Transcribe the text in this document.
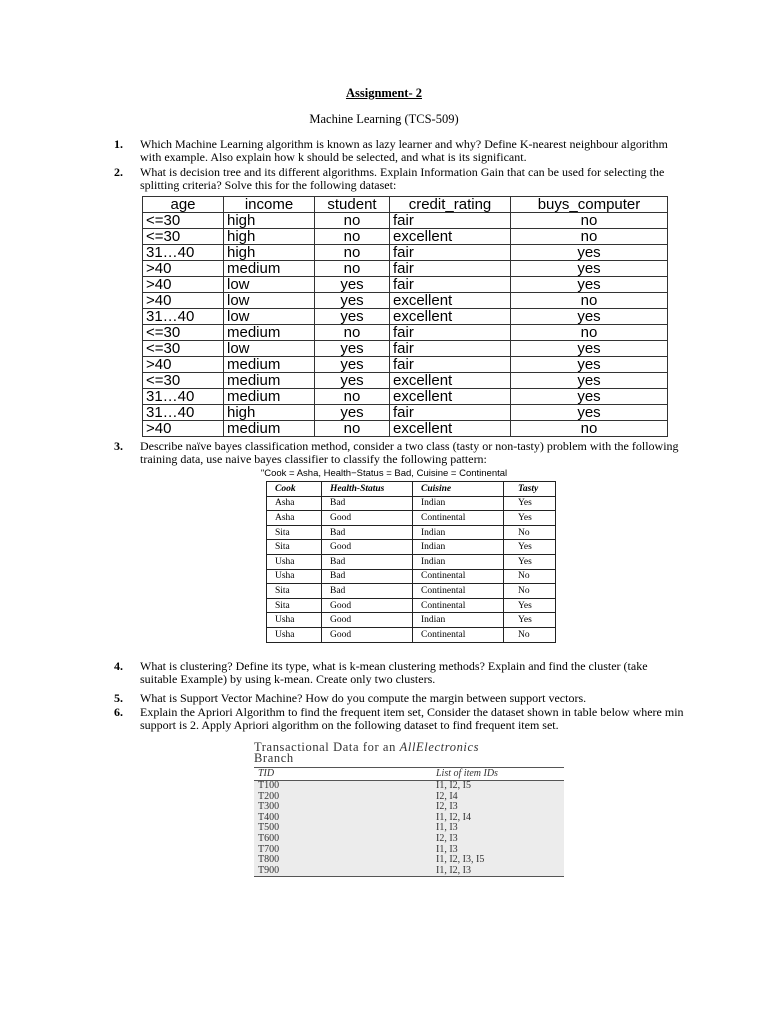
Assignment- 2
Machine Learning (TCS-509)
1.	Which Machine Learning algorithm is known as lazy learner and why? Define K-nearest neighbour algorithm with example. Also explain how k should be selected, and what is its significant.
2.	What is decision tree and its different algorithms. Explain Information Gain that can be used for selecting the splitting criteria? Solve this for the following dataset:
age	income	student	credit_rating	buys_computer
<=30	high	no	fair	no
<=30	high	no	excellent	no
31…40	high	no	fair	yes
>40	medium	no	fair	yes
>40	low	yes	fair	yes
>40	low	yes	excellent	no
31…40	low	yes	excellent	yes
<=30	medium	no	fair	no
<=30	low	yes	fair	yes
>40	medium	yes	fair	yes
<=30	medium	yes	excellent	yes
31…40	medium	no	excellent	yes
31…40	high	yes	fair	yes
>40	medium	no	excellent	no
3.	Describe naïve bayes classification method, consider a two class (tasty or non-tasty) problem with the following training data, use naive bayes classifier to classify the following pattern:
"Cook = Asha, Health−Status = Bad, Cuisine = Continental
Cook	Health-Status	Cuisine	Tasty
Asha	Bad	Indian	Yes
Asha	Good	Continental	Yes
Sita	Bad	Indian	No
Sita	Good	Indian	Yes
Usha	Bad	Indian	Yes
Usha	Bad	Continental	No
Sita	Bad	Continental	No
Sita	Good	Continental	Yes
Usha	Good	Indian	Yes
Usha	Good	Continental	No
4.	What is clustering? Define its type, what is k-mean clustering methods? Explain and find the cluster (take suitable Example) by using k-mean. Create only two clusters.
5.	What is Support Vector Machine? How do you compute the margin between support vectors.
6.	Explain the Apriori Algorithm to find the frequent item set, Consider the dataset shown in table below where min support is 2. Apply Apriori algorithm on the following dataset to find frequent item set.
Transactional Data for an AllElectronics
Branch
TID	List of item IDs
T100	I1, I2, I5
T200	I2, I4
T300	I2, I3
T400	I1, I2, I4
T500	I1, I3
T600	I2, I3
T700	I1, I3
T800	I1, I2, I3, I5
T900	I1, I2, I3
